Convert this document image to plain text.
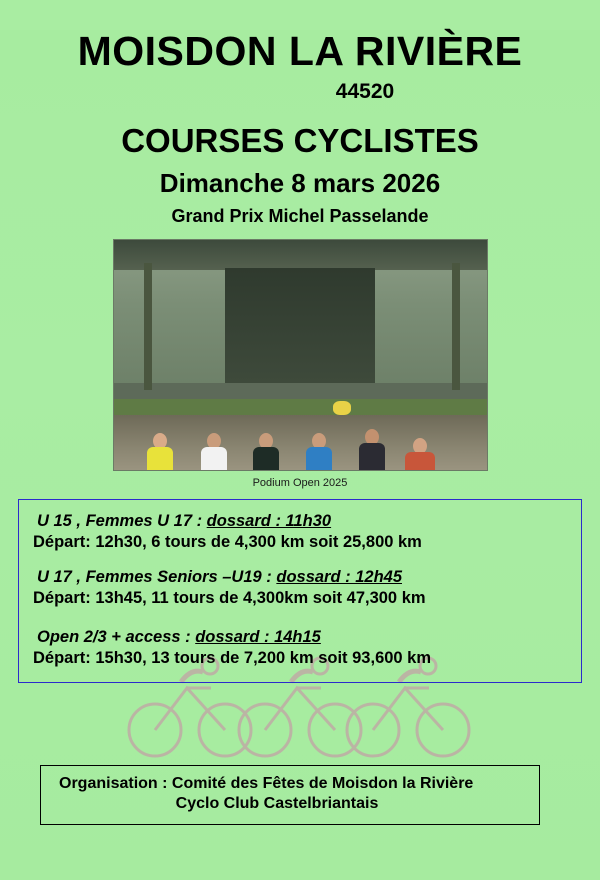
MOISDON LA RIVIÈRE
44520
COURSES CYCLISTES
Dimanche 8 mars 2026
Grand Prix Michel Passelande
Podium Open 2025
U 15 , Femmes U 17 : dossard : 11h30
Départ: 12h30, 6 tours de 4,300 km soit 25,800 km
U 17 , Femmes Seniors –U19 : dossard : 12h45
Départ: 13h45, 11 tours de 4,300km soit 47,300 km
Open 2/3 + access : dossard : 14h15
Départ: 15h30, 13 tours de 7,200 km soit 93,600 km
Organisation : Comité des Fêtes de Moisdon la Rivière
Cyclo Club Castelbriantais
